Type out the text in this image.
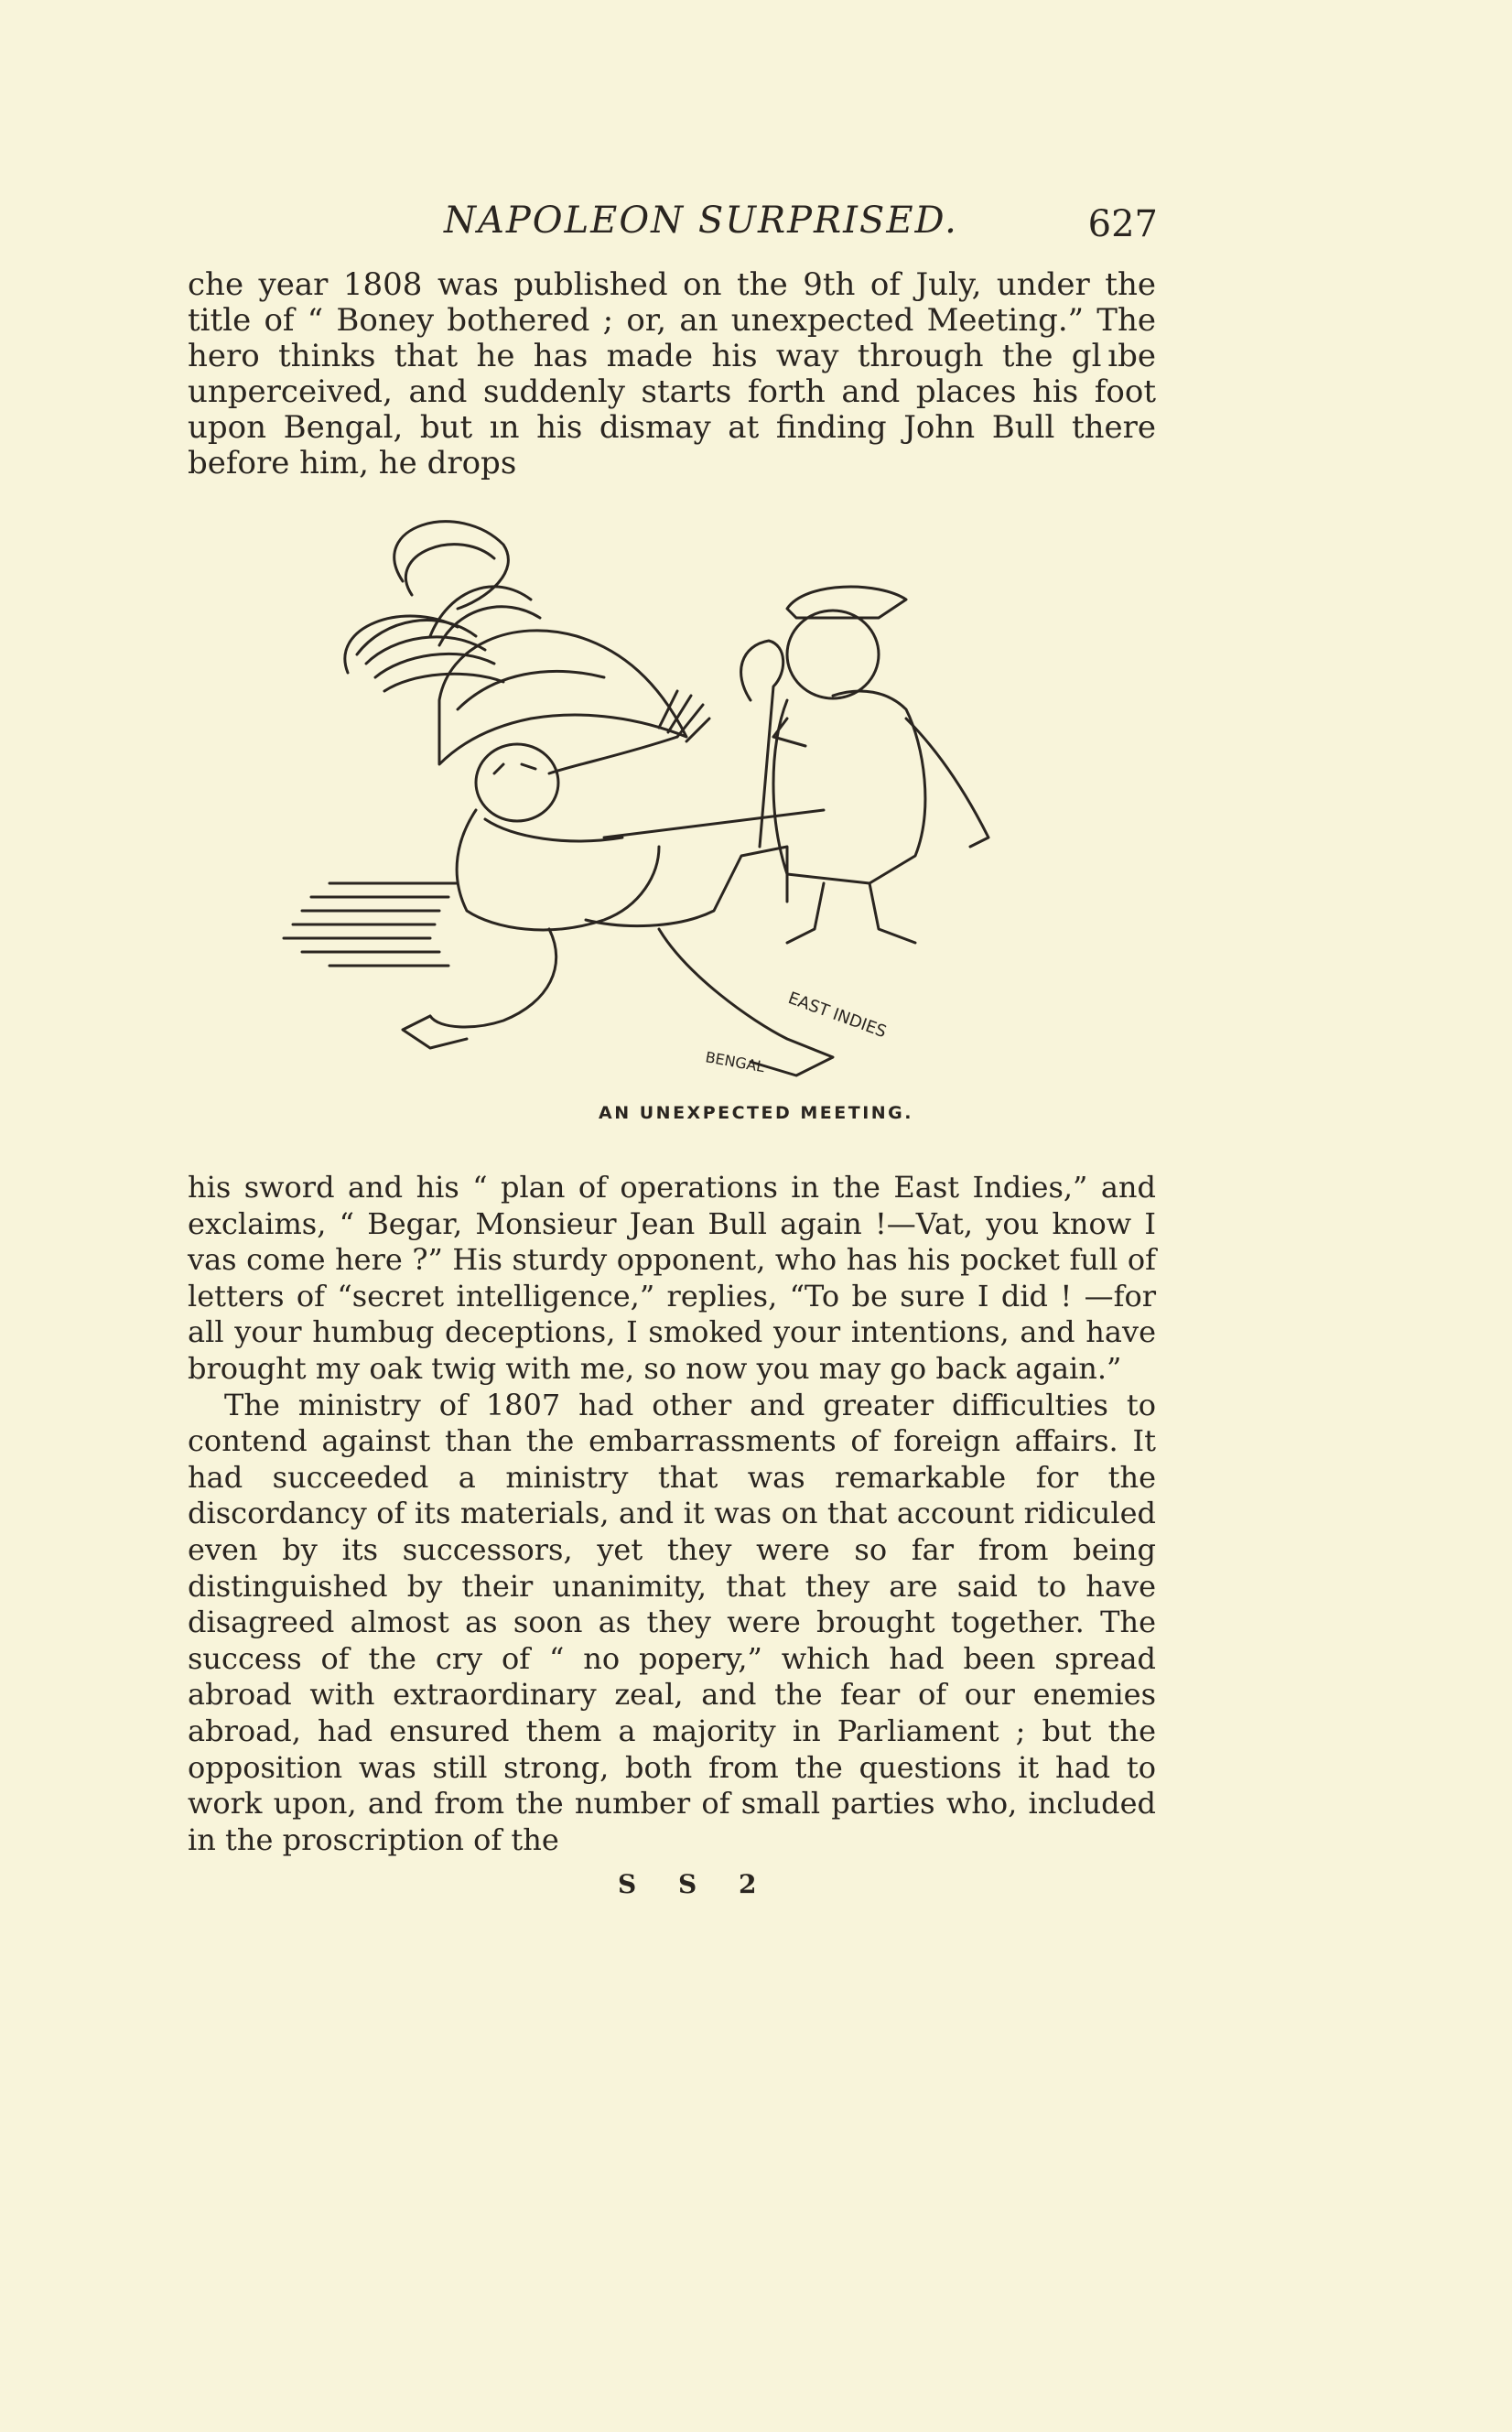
NAPOLEON SURPRISED.	627

che year 1808 was published on the 9th of July, under the title of “ Boney bothered ; or, an unexpected Meeting.” The hero thinks that he has made his way through the gl ıbe unperceived, and suddenly starts forth and places his foot upon Bengal, but ın his dismay at finding John Bull there before him, he drops

EAST INDIES
BENGAL
AN UNEXPECTED MEETING.

his sword and his “ plan of operations in the East Indies,” and exclaims, “ Begar, Monsieur Jean Bull again !—Vat, you know I vas come here ?” His sturdy opponent, who has his pocket full of letters of “secret intelligence,” replies, “To be sure I did ! —for all your humbug deceptions, I smoked your intentions, and have brought my oak twig with me, so now you may go back again.”

The ministry of 1807 had other and greater difficulties to contend against than the embarrassments of foreign affairs. It had succeeded a ministry that was remarkable for the discordancy of its materials, and it was on that account ridiculed even by its successors, yet they were so far from being distinguished by their unanimity, that they are said to have disagreed almost as soon as they were brought together. The success of the cry of “ no popery,” which had been spread abroad with extraordinary zeal, and the fear of our enemies abroad, had ensured them a majority in Parliament ; but the opposition was still strong, both from the questions it had to work upon, and from the number of small parties who, included in the proscription of the

S S 2
